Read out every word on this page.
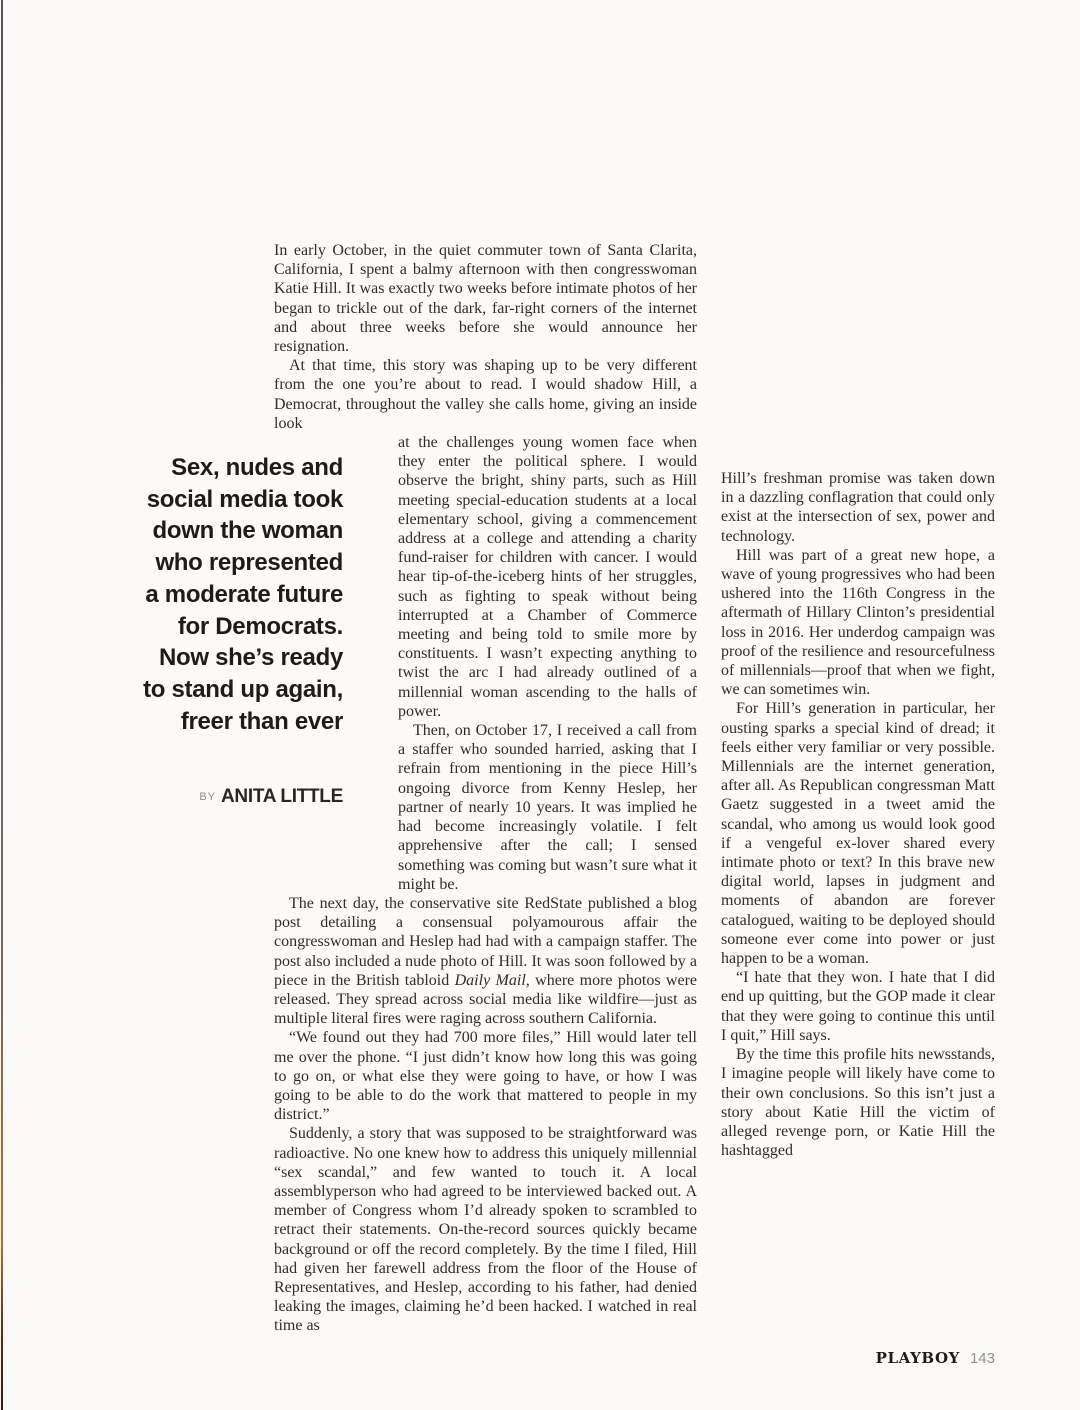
Sex, nudes and
social media took
down the woman
who represented
a moderate future
for Democrats.
Now she’s ready
to stand up again,
freer than ever
BY ANITA LITTLE

In early October, in the quiet commuter town of Santa Clarita, California, I spent a balmy afternoon with then congresswoman Katie Hill. It was exactly two weeks before intimate photos of her began to trickle out of the dark, far-right corners of the internet and about three weeks before she would announce her resignation.

At that time, this story was shaping up to be very different from the one you’re about to read. I would shadow Hill, a Democrat, throughout the valley she calls home, giving an inside look

at the challenges young women face when they enter the political sphere. I would observe the bright, shiny parts, such as Hill meeting special-education students at a local elementary school, giving a commencement address at a college and attending a charity fund-raiser for children with cancer. I would hear tip-of-the-iceberg hints of her struggles, such as fighting to speak without being interrupted at a Chamber of Commerce meeting and being told to smile more by constituents. I wasn’t expecting anything to twist the arc I had already outlined of a millennial woman ascending to the halls of power.

Then, on October 17, I received a call from a staffer who sounded harried, asking that I refrain from mentioning in the piece Hill’s ongoing divorce from Kenny Heslep, her partner of nearly 10 years. It was implied he had become increasingly volatile. I felt apprehensive after the call; I sensed something was coming but wasn’t sure what it might be.

The next day, the conservative site RedState published a blog post detailing a consensual polyamourous affair the congresswoman and Heslep had had with a campaign staffer. The post also included a nude photo of Hill. It was soon followed by a piece in the British tabloid Daily Mail, where more photos were released. They spread across social media like wildfire—just as multiple literal fires were raging across southern California.

“We found out they had 700 more files,” Hill would later tell me over the phone. “I just didn’t know how long this was going to go on, or what else they were going to have, or how I was going to be able to do the work that mattered to people in my district.”

Suddenly, a story that was supposed to be straightforward was radioactive. No one knew how to address this uniquely millennial “sex scandal,” and few wanted to touch it. A local assemblyperson who had agreed to be interviewed backed out. A member of Congress whom I’d already spoken to scrambled to retract their statements. On-the-record sources quickly became background or off the record completely. By the time I filed, Hill had given her farewell address from the floor of the House of Representatives, and Heslep, according to his father, had denied leaking the images, claiming he’d been hacked. I watched in real time as

Hill’s freshman promise was taken down in a dazzling conflagration that could only exist at the intersection of sex, power and technology.

Hill was part of a great new hope, a wave of young progressives who had been ushered into the 116th Congress in the aftermath of Hillary Clinton’s presidential loss in 2016. Her underdog campaign was proof of the resilience and resourcefulness of millennials—proof that when we fight, we can sometimes win.

For Hill’s generation in particular, her ousting sparks a special kind of dread; it feels either very familiar or very possible. Millennials are the internet generation, after all. As Republican congressman Matt Gaetz suggested in a tweet amid the scandal, who among us would look good if a vengeful ex-lover shared every intimate photo or text? In this brave new digital world, lapses in judgment and moments of abandon are forever catalogued, waiting to be deployed should someone ever come into power or just happen to be a woman.

“I hate that they won. I hate that I did end up quitting, but the GOP made it clear that they were going to continue this until I quit,” Hill says.

By the time this profile hits newsstands, I imagine people will likely have come to their own conclusions. So this isn’t just a story about Katie Hill the victim of alleged revenge porn, or Katie Hill the hashtagged

PLAYBOY 143
